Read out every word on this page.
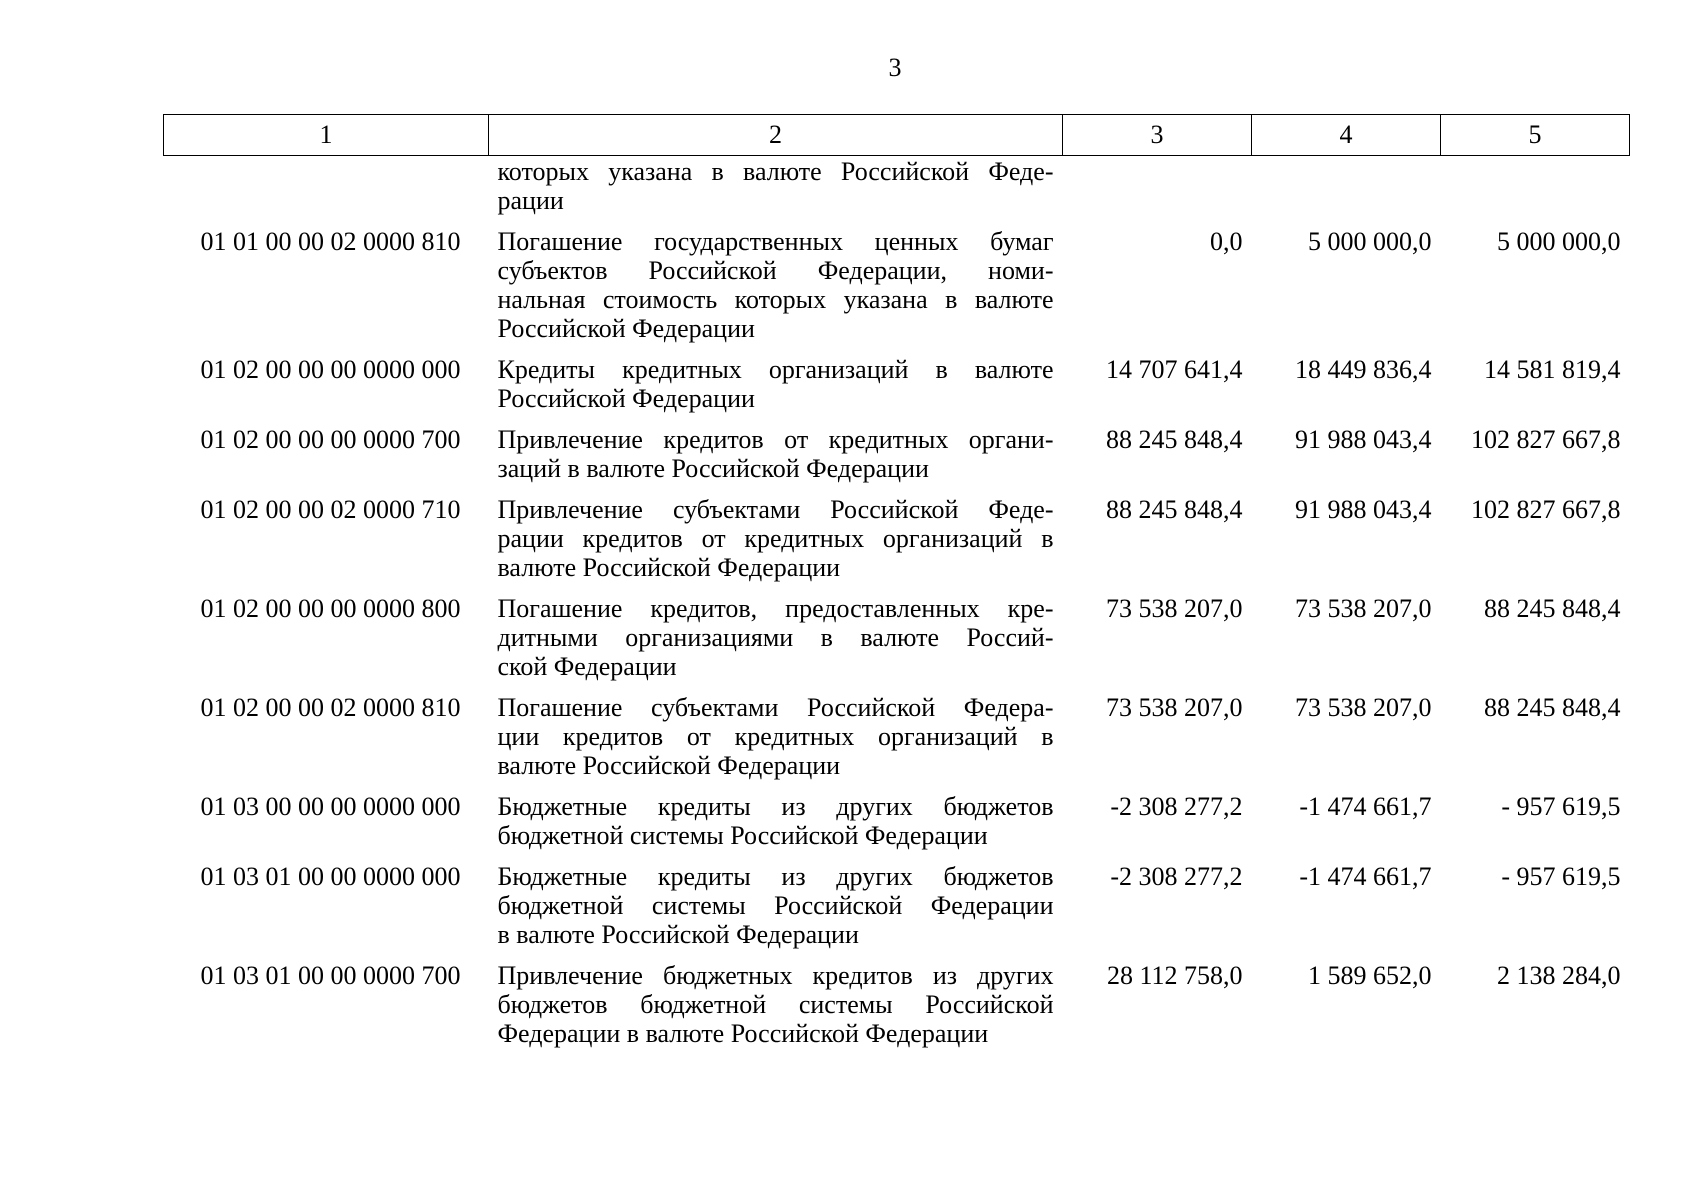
3
1	2	3	4	5

	которых указана в валюте Российской Феде-
рации			

01 01 00 00 02 0000 810	Погашение государственных ценных бумаг
субъектов Российской Федерации, номи-
нальная стоимость которых указана в валюте
Российской Федерации	0,0	5 000 000,0	5 000 000,0
01 02 00 00 00 0000 000	Кредиты кредитных организаций в валюте
Российской Федерации	14 707 641,4	18 449 836,4	14 581 819,4
01 02 00 00 00 0000 700	Привлечение кредитов от кредитных органи-
заций в валюте Российской Федерации	88 245 848,4	91 988 043,4	102 827 667,8
01 02 00 00 02 0000 710	Привлечение субъектами Российской Феде-
рации кредитов от кредитных организаций в
валюте Российской Федерации	88 245 848,4	91 988 043,4	102 827 667,8
01 02 00 00 00 0000 800	Погашение кредитов, предоставленных кре-
дитными организациями в валюте Россий-
ской Федерации	73 538 207,0	73 538 207,0	88 245 848,4
01 02 00 00 02 0000 810	Погашение субъектами Российской Федера-
ции кредитов от кредитных организаций в
валюте Российской Федерации	73 538 207,0	73 538 207,0	88 245 848,4
01 03 00 00 00 0000 000	Бюджетные кредиты из других бюджетов
бюджетной системы Российской Федерации	-2 308 277,2	-1 474 661,7	- 957 619,5
01 03 01 00 00 0000 000	Бюджетные кредиты из других бюджетов
бюджетной системы Российской Федерации
в валюте Российской Федерации	-2 308 277,2	-1 474 661,7	- 957 619,5
01 03 01 00 00 0000 700	Привлечение бюджетных кредитов из других
бюджетов бюджетной системы Российской
Федерации в валюте Российской Федерации	28 112 758,0	1 589 652,0	2 138 284,0
